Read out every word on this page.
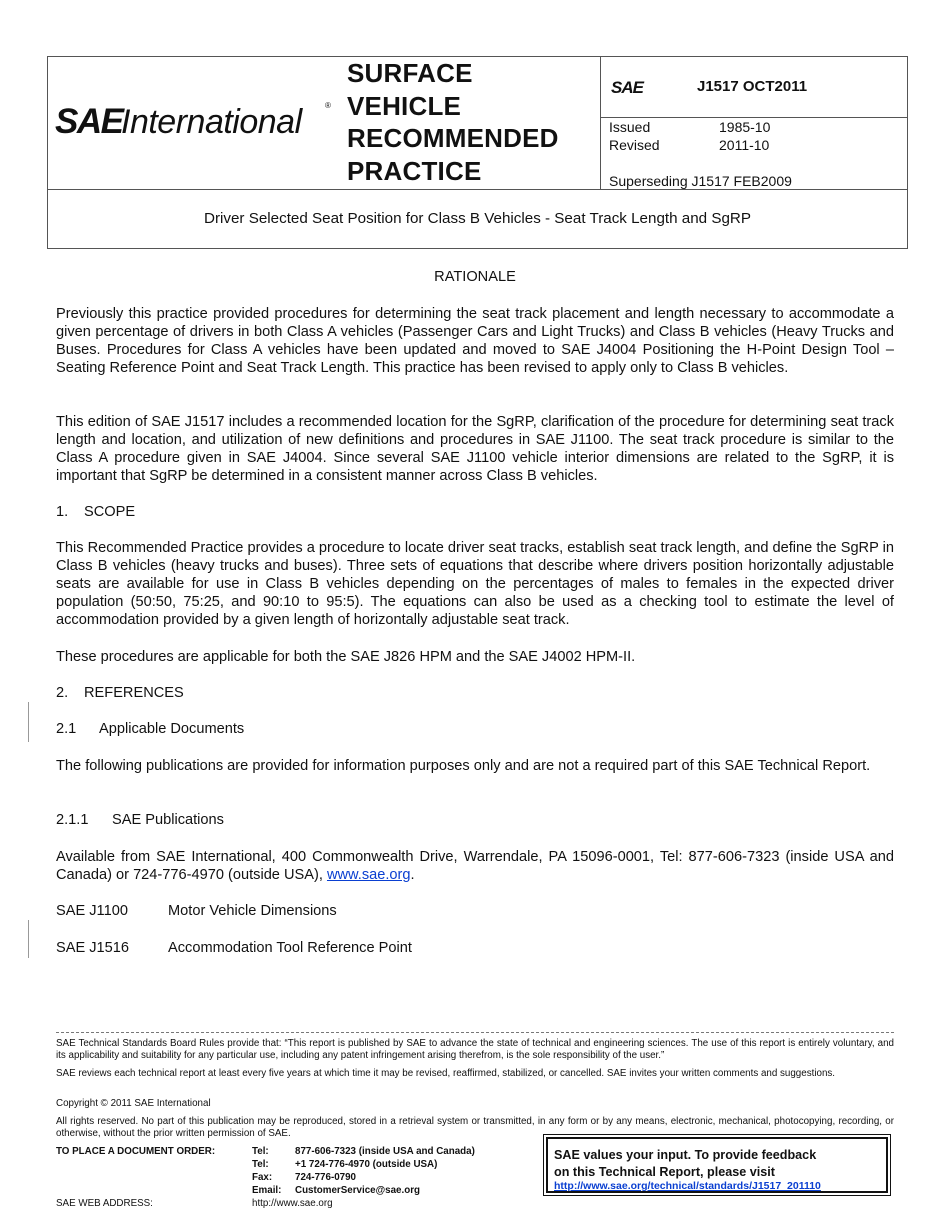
SAE
International	®
SURFACE
VEHICLE
RECOMMENDED
PRACTICE
SAE	J1517 OCT2011
Issued	1985-10
Revised	2011-10
Superseding J1517 FEB2009
Driver Selected Seat Position for Class B Vehicles - Seat Track Length and SgRP
RATIONALE
Previously this practice provided procedures for determining the seat track placement and length necessary to accommodate a given percentage of drivers in both Class A vehicles (Passenger Cars and Light Trucks) and Class B vehicles (Heavy Trucks and Buses. Procedures for Class A vehicles have been updated and moved to SAE J4004 Positioning the H-Point Design Tool – Seating Reference Point and Seat Track Length. This practice has been revised to apply only to Class B vehicles.
This edition of SAE J1517 includes a recommended location for the SgRP, clarification of the procedure for determining seat track length and location, and utilization of new definitions and procedures in SAE J1100. The seat track procedure is similar to the Class A procedure given in SAE J4004. Since several SAE J1100 vehicle interior dimensions are related to the SgRP, it is important that SgRP be determined in a consistent manner across Class B vehicles.
1. SCOPE
This Recommended Practice provides a procedure to locate driver seat tracks, establish seat track length, and define the SgRP in Class B vehicles (heavy trucks and buses). Three sets of equations that describe where drivers position horizontally adjustable seats are available for use in Class B vehicles depending on the percentages of males to females in the expected driver population (50:50, 75:25, and 90:10 to 95:5). The equations can also be used as a checking tool to estimate the level of accommodation provided by a given length of horizontally adjustable seat track.
These procedures are applicable for both the SAE J826 HPM and the SAE J4002 HPM-II.
2. REFERENCES
2.1 Applicable Documents
The following publications are provided for information purposes only and are not a required part of this SAE Technical Report.
2.1.1 SAE Publications
Available from SAE International, 400 Commonwealth Drive, Warrendale, PA 15096-0001, Tel: 877-606-7323 (inside USA and Canada) or 724-776-4970 (outside USA), www.sae.org.
SAE J1100	Motor Vehicle Dimensions
SAE J1516	Accommodation Tool Reference Point
SAE Technical Standards Board Rules provide that: “This report is published by SAE to advance the state of technical and engineering sciences. The use of this report is entirely voluntary, and its applicability and suitability for any particular use, including any patent infringement arising therefrom, is the sole responsibility of the user.”
SAE reviews each technical report at least every five years at which time it may be revised, reaffirmed, stabilized, or cancelled. SAE invites your written comments and suggestions.
Copyright © 2011 SAE International
All rights reserved. No part of this publication may be reproduced, stored in a retrieval system or transmitted, in any form or by any means, electronic, mechanical, photocopying, recording, or otherwise, without the prior written permission of SAE.
TO PLACE A DOCUMENT ORDER:	Tel:	877-606-7323 (inside USA and Canada)
Tel:	+1 724-776-4970 (outside USA)
Fax: 724-776-0790
Email: CustomerService@sae.org
SAE WEB ADDRESS:	http://www.sae.org
SAE values your input. To provide feedback
on this Technical Report, please visit
http://www.sae.org/technical/standards/J1517_201110
